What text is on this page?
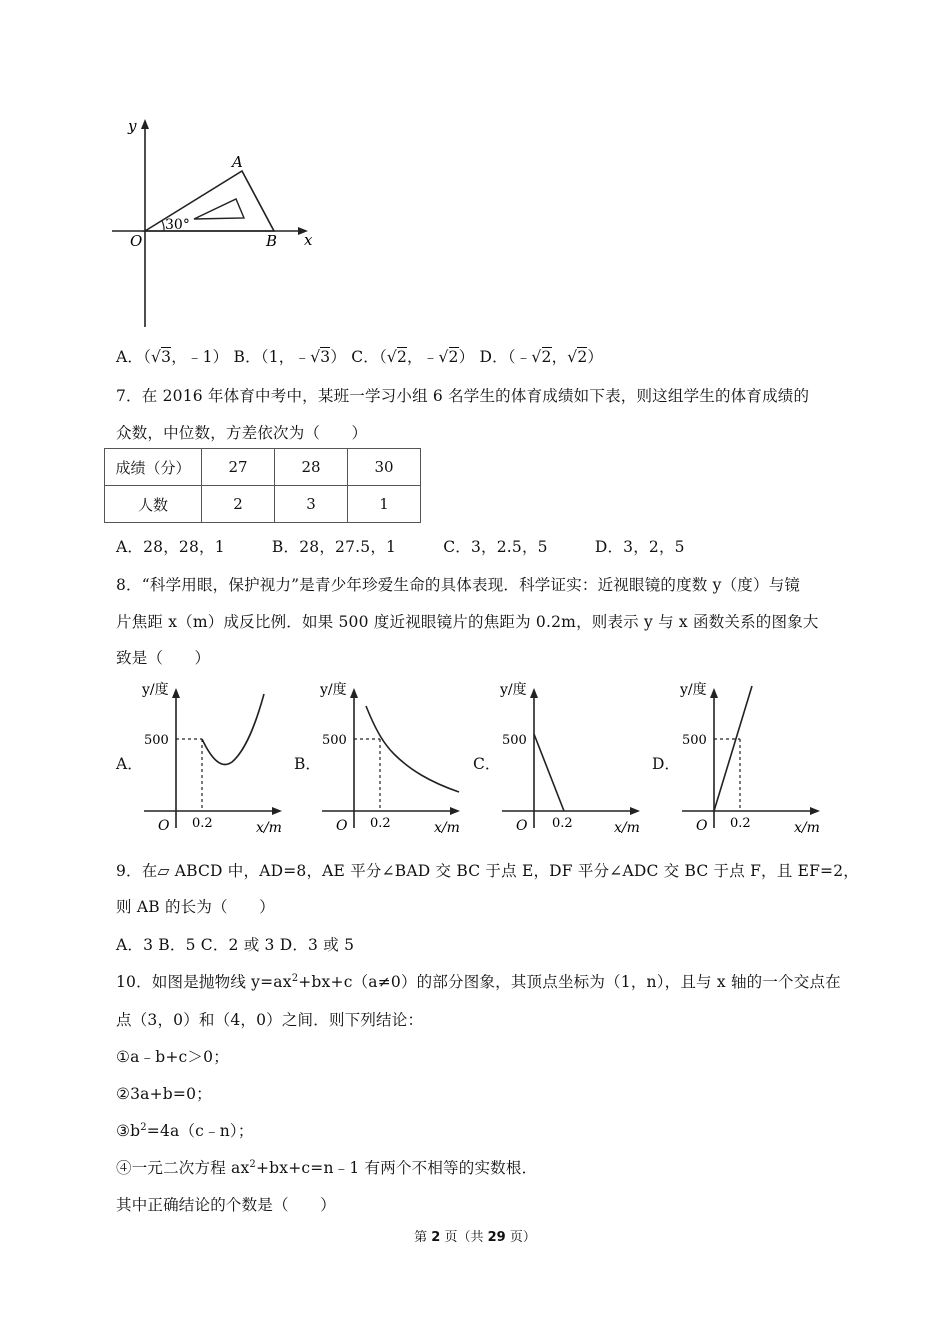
y
x
O
A
B
30°
A．（√3，﹣1） B．（1，﹣√3） C．（√2，﹣√2） D．（﹣√2，√2）
7．在 2016 年体育中考中，某班一学习小组 6 名学生的体育成绩如下表，则这组学生的体育成绩的
众数，中位数，方差依次为（　　）
成绩（分）	27	28	30
人数	2	3	1
A．28，28，1　　　B．28，27.5，1　　　C．3，2.5，5　　　D．3，2，5
8．“科学用眼，保护视力”是青少年珍爱生命的具体表现．科学证实：近视眼镜的度数 y（度）与镜
片焦距 x（m）成反比例．如果 500 度近视眼镜片的焦距为 0.2m，则表示 y 与 x 函数关系的图象大
致是（　　）
A．	B．	C．	D．
y/度
500
O 0.2	x/m
y/度
500
O 0.2	x/m
y/度
500
O 0.2	x/m
y/度
500
O 0.2	x/m
9．在▱ ABCD 中，AD=8，AE 平分∠BAD 交 BC 于点 E，DF 平分∠ADC 交 BC 于点 F，且 EF=2，
则 AB 的长为（　　）
A．3 B．5 C．2 或 3 D．3 或 5
10．如图是抛物线 $y=ax^2+bx+c(a\ne 0)$的部分图象，其顶点坐标为（1，n），且与 x 轴的一个交点在
点（3，0）和（4，0）之间．则下列结论：
①a﹣b+c＞0；
②3a+b=0；
$③b^2=4a(c﹣n)$；
④一元二次方程 $ax^2+bx+c=n﹣1$ 有两个不相等的实数根．
其中正确结论的个数是（　　）
第 2 页（共 29 页）
